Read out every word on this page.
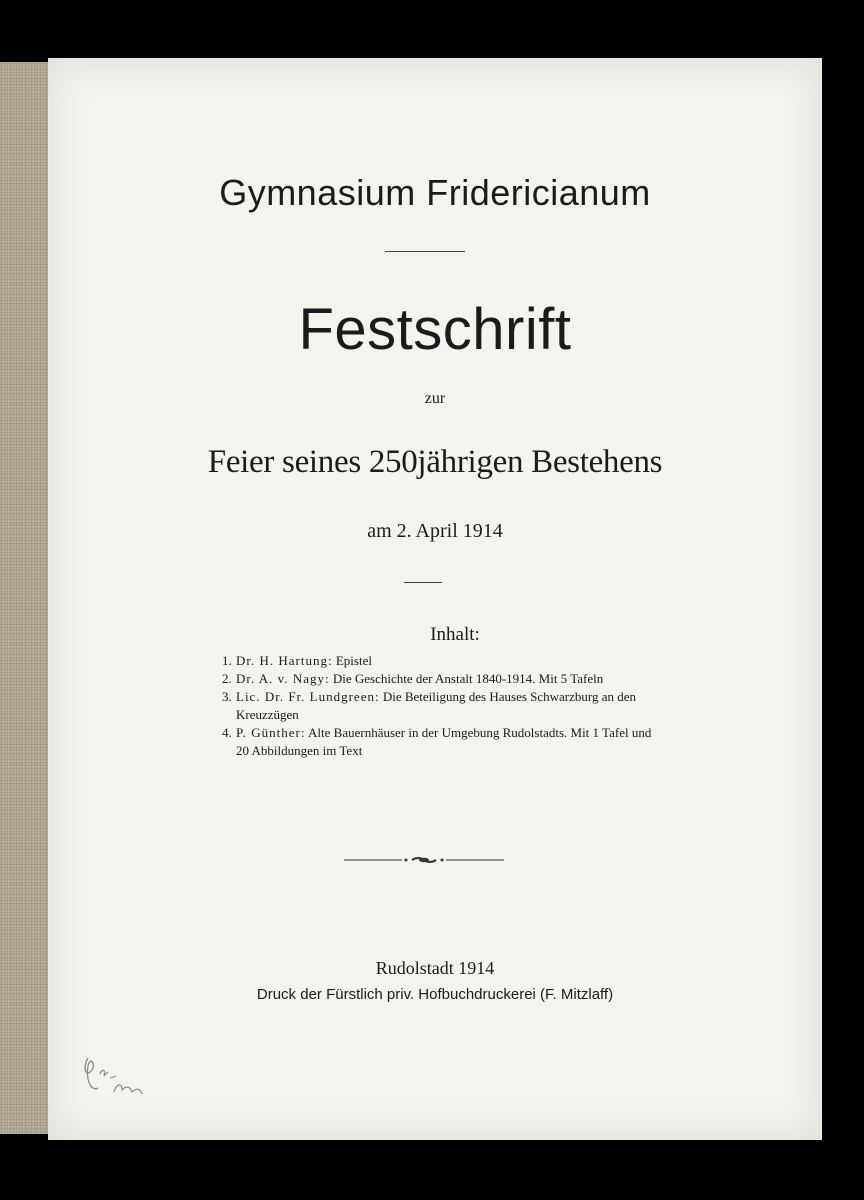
Gymnasium Fridericianum
Festschrift
zur
Feier seines 250jährigen Bestehens
am 2. April 1914
Inhalt:
1. Dr. H. Hartung: Epistel
2. Dr. A. v. Nagy: Die Geschichte der Anstalt 1840-1914. Mit 5 Tafeln
3. Lic. Dr. Fr. Lundgreen: Die Beteiligung des Hauses Schwarzburg an den Kreuzzügen
4. P. Günther: Alte Bauernhäuser in der Umgebung Rudolstadts. Mit 1 Tafel und 20 Abbildungen im Text
Rudolstadt 1914
Druck der Fürstlich priv. Hofbuchdruckerei (F. Mitzlaff)
